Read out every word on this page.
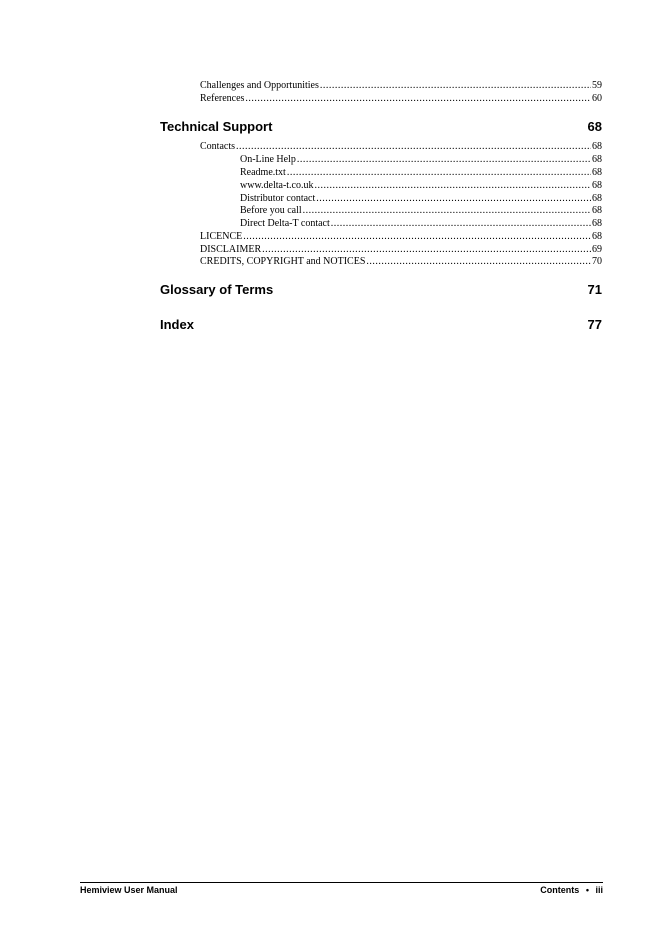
Challenges and Opportunities .....	59
References .....	60
Technical Support	68
Contacts .....	68
On-Line Help .....	68
Readme.txt .....	68
www.delta-t.co.uk .....	68
Distributor contact .....	68
Before you call .....	68
Direct Delta-T contact .....	68
LICENCE .....	68
DISCLAIMER .....	69
CREDITS, COPYRIGHT and NOTICES .....	70
Glossary of Terms	71
Index	77
Hemiview User Manual	Contents • iii
